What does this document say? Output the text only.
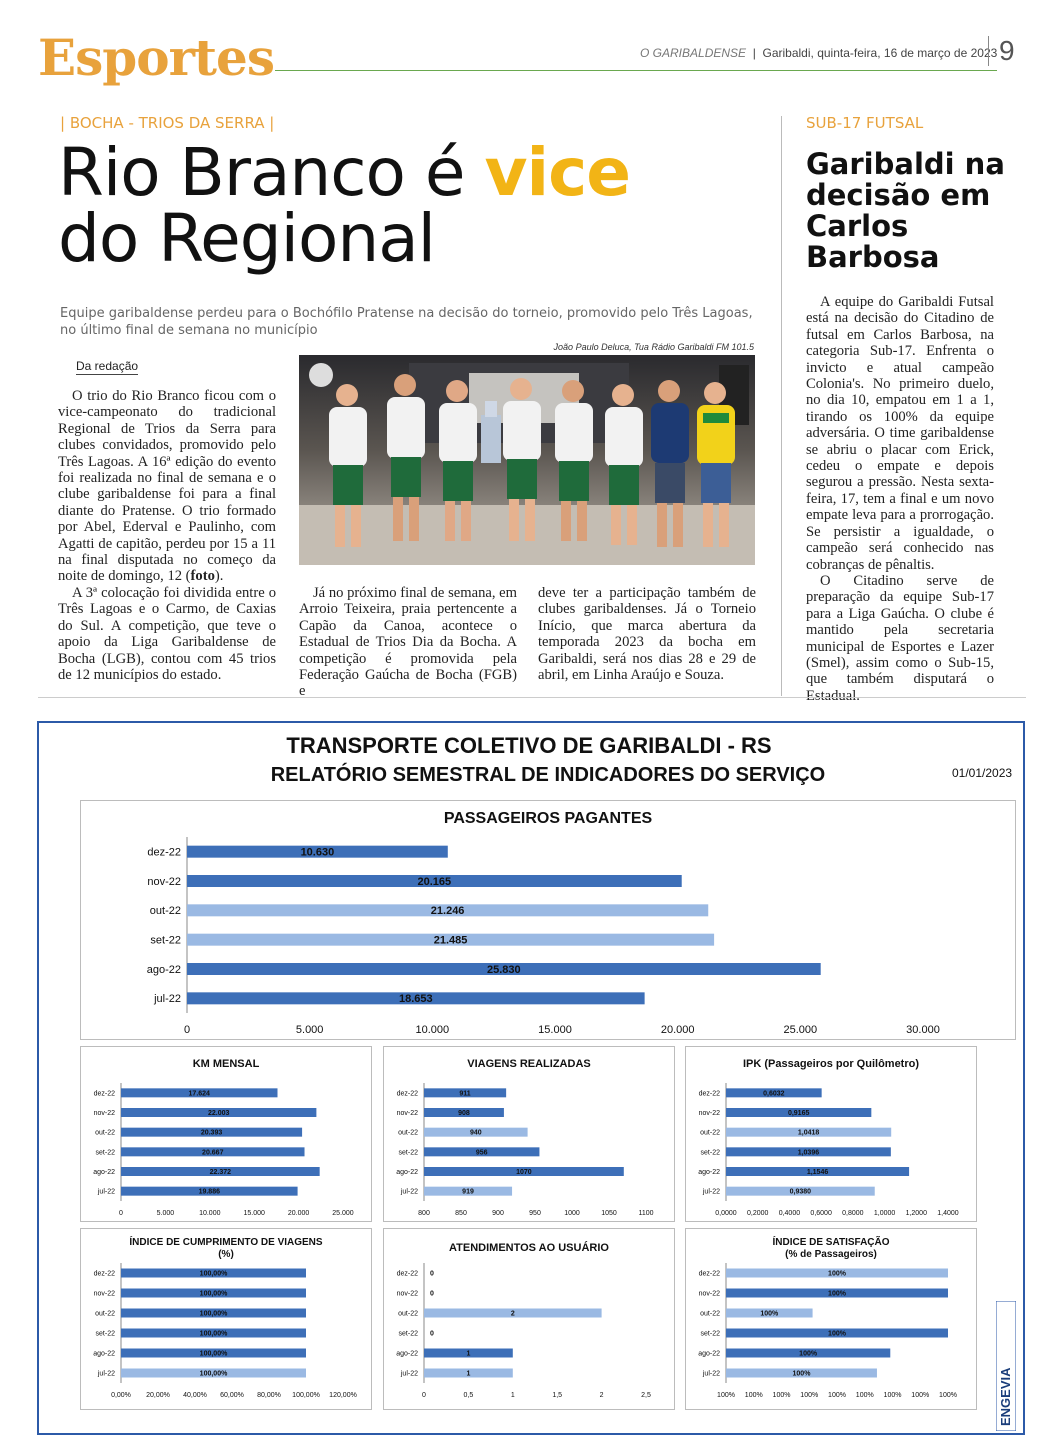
Esportes	O GARIBALDENSE | Garibaldi, quinta-feira, 16 de março de 2023 9
| BOCHA - TRIOS DA SERRA |
Rio Branco é vice
do Regional
Equipe garibaldense perdeu para o Bochófilo Pratense na decisão do torneio, promovido pelo Três Lagoas, no último final de semana no município
João Paulo Deluca, Tua Rádio Garibaldi FM 101.5
Da redação

O trio do Rio Branco ficou com o vice-campeonato do tradicional Regional de Trios da Serra para clubes convidados, promovido pelo Três Lagoas. A 16ª edição do evento foi realizada no final de semana e o clube garibaldense foi para a final diante do Pratense. O trio formado por Abel, Ederval e Paulinho, com Agatti de capitão, perdeu por 15 a 11 na final disputada no começo da noite de domingo, 12 (foto).

A 3ª colocação foi dividida entre o Três Lagoas e o Carmo, de Caxias do Sul. A competição, que teve o apoio da Liga Garibaldense de Bocha (LGB), contou com 45 trios de 12 municípios do estado.

Já no próximo final de semana, em Arroio Teixeira, praia pertencente a Capão da Canoa, acontece o Estadual de Trios Dia da Bocha. A competição é promovida pela Federação Gaúcha de Bocha (FGB) e

deve ter a participação também de clubes garibaldenses. Já o Torneio Início, que marca abertura da temporada 2023 da bocha em Garibaldi, será nos dias 28 e 29 de abril, em Linha Araújo e Souza.

SUB-17 FUTSAL
Garibaldi na decisão em Carlos Barbosa

A equipe do Garibaldi Futsal está na decisão do Citadino de futsal em Carlos Barbosa, na categoria Sub-17. Enfrenta o invicto e atual campeão Colonia's. No primeiro duelo, no dia 10, empatou em 1 a 1, tirando os 100% da equipe adversária. O time garibaldense se abriu o placar com Erick, cedeu o empate e depois segurou a pressão. Nesta sexta-feira, 17, tem a final e um novo empate leva para a prorrogação. Se persistir a igualdade, o campeão será conhecido nas cobranças de pênaltis.

O Citadino serve de preparação da equipe Sub-17 para a Liga Gaúcha. O clube é mantido pela secretaria municipal de Esportes e Lazer (Smel), assim como o Sub-15, que também disputará o Estadual.

TRANSPORTE COLETIVO DE GARIBALDI - RS
RELATÓRIO SEMESTRAL DE INDICADORES DO SERVIÇO	01/01/2023
PASSAGEIROS PAGANTES
0	5.000	10.000	15.000	20.000	25.000	30.000
dez-22	10.630
nov-22	20.165
out-22	21.246
set-22	21.485
ago-22	25.830
jul-22	18.653
KM MENSAL
0	5.000	10.000	15.000	20.000	25.000
dez-22	17.624
nov-22	22.003
out-22	20.393
set-22	20.667
ago-22	22.372
jul-22	19.886
VIAGENS REALIZADAS
800	850	900	950	1000	1050	1100
dez-22	911
nov-22	908
out-22	940
set-22	956
ago-22	1070
jul-22	919
IPK (Passageiros por Quilômetro)
0,0000 0,2000 0,4000 0,6000 0,8000 1,0000 1,2000 1,4000
dez-22	0,6032
nov-22	0,9165
out-22	1,0418
set-22	1,0396
ago-22	1,1546
jul-22	0,9380
ÍNDICE DE CUMPRIMENTO DE VIAGENS
(%)
0,00% 20,00% 40,00% 60,00% 80,00% 100,00% 120,00%
dez-22	100,00%
nov-22	100,00%
out-22	100,00%
set-22	100,00%
ago-22	100,00%
jul-22	100,00%
ATENDIMENTOS AO USUÁRIO
0	0,5	1	1,5	2	2,5
dez-22 0
nov-22 0
out-22	2
set-22 0
ago-22	1
jul-22	1
ÍNDICE DE SATISFAÇÃO
(% de Passageiros)
100% 100% 100% 100% 100% 100% 100% 100% 100%
dez-22	100%
nov-22	100%
out-22	100%
set-22	100%
ago-22	100%
jul-22	100%	ENGEVIA
